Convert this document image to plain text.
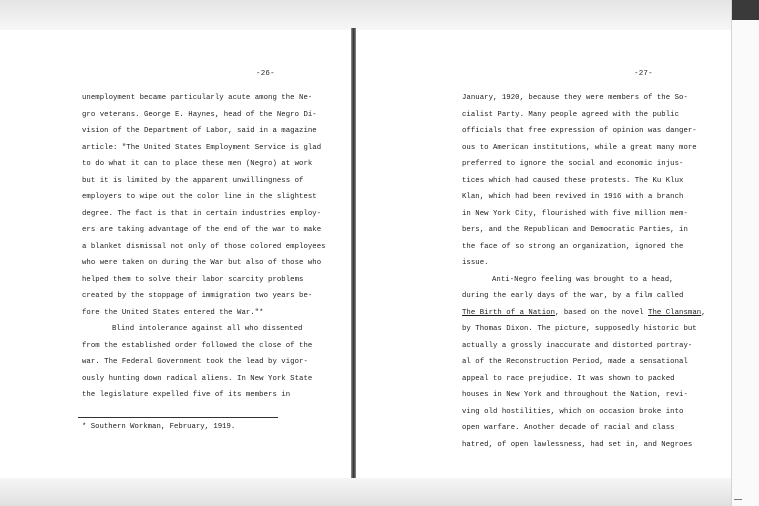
-26-
unemployment became particularly acute among the Ne-
gro veterans. George E. Haynes, head of the Negro Di-
vision of the Department of Labor, said in a magazine
article: "The United States Employment Service is glad
to do what it can to place these men (Negro) at work
but it is limited by the apparent unwillingness of
employers to wipe out the color line in the slightest
degree. The fact is that in certain industries employ-
ers are taking advantage of the end of the war to make
a blanket dismissal not only of those colored employees
who were taken on during the War but also of those who
helped them to solve their labor scarcity problems
created by the stoppage of immigration two years be-
fore the United States entered the War."*
Blind intolerance against all who dissented
from the established order followed the close of the
war. The Federal Government took the lead by vigor-
ously hunting down radical aliens. In New York State
the legislature expelled five of its members in
* Southern Workman, February, 1919.
-27-
January, 1920, because they were members of the So-
cialist Party. Many people agreed with the public
officials that free expression of opinion was danger-
ous to American institutions, while a great many more
preferred to ignore the social and economic injus-
tices which had caused these protests. The Ku Klux
Klan, which had been revived in 1916 with a branch
in New York City, flourished with five million mem-
bers, and the Republican and Democratic Parties, in
the face of so strong an organization, ignored the
issue.
Anti-Negro feeling was brought to a head,
during the early days of the war, by a film called
The Birth of a Nation, based on the novel The Clansman,
by Thomas Dixon. The picture, supposedly historic but
actually a grossly inaccurate and distorted portray-
al of the Reconstruction Period, made a sensational
appeal to race prejudice. It was shown to packed
houses in New York and throughout the Nation, revi-
ving old hostilities, which on occasion broke into
open warfare. Another decade of racial and class
hatred, of open lawlessness, had set in, and Negroes
